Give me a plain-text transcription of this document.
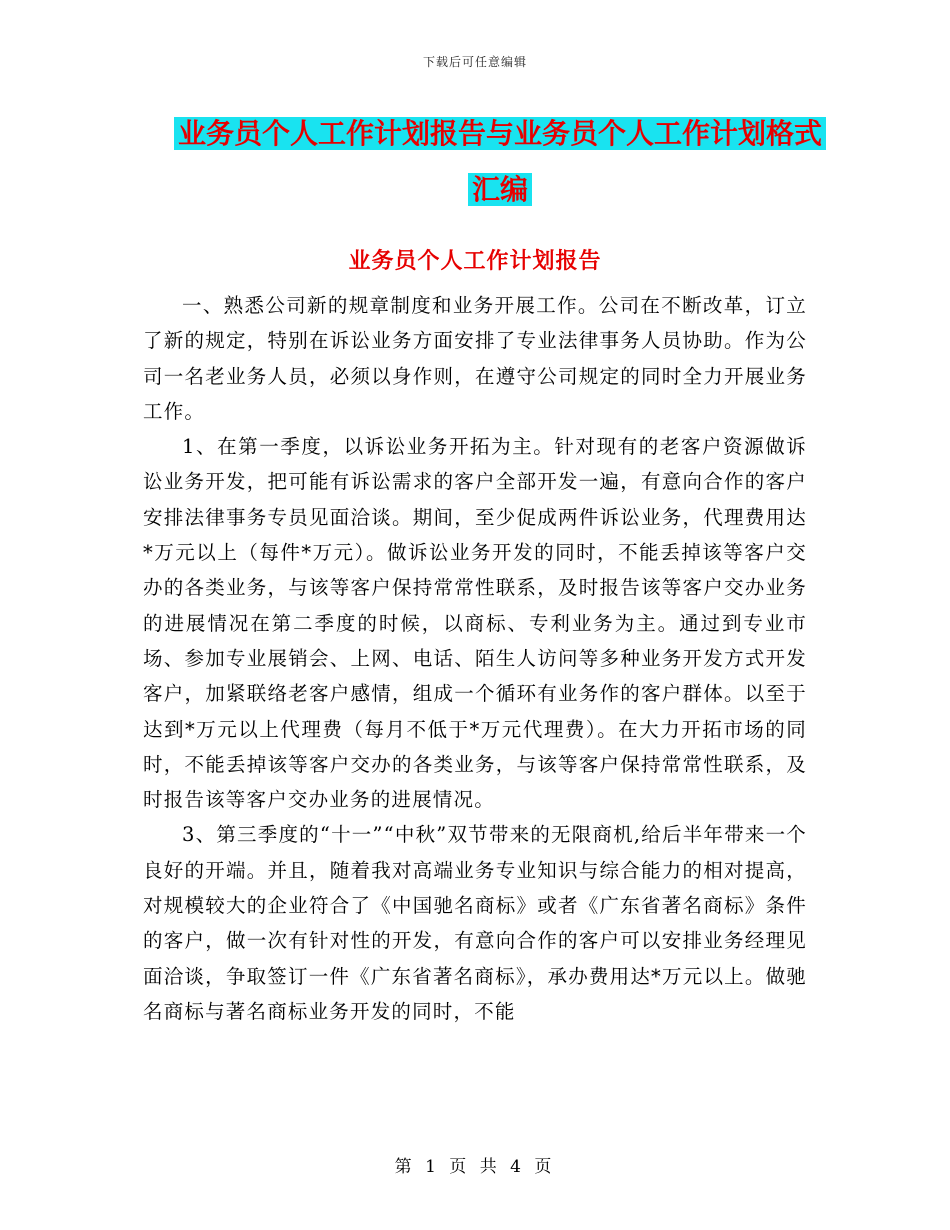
下载后可任意编辑
业务员个人工作计划报告与业务员个人工作计划格式
汇编
业务员个人工作计划报告

一、熟悉公司新的规章制度和业务开展工作。公司在不断改革，订立了新的规定，特别在诉讼业务方面安排了专业法律事务人员协助。作为公司一名老业务人员，必须以身作则，在遵守公司规定的同时全力开展业务工作。

1、在第一季度，以诉讼业务开拓为主。针对现有的老客户资源做诉讼业务开发，把可能有诉讼需求的客户全部开发一遍，有意向合作的客户安排法律事务专员见面洽谈。期间，至少促成两件诉讼业务，代理费用达*万元以上（每件*万元）。做诉讼业务开发的同时，不能丢掉该等客户交办的各类业务，与该等客户保持常常性联系，及时报告该等客户交办业务的进展情况在第二季度的时候，以商标、专利业务为主。通过到专业市场、参加专业展销会、上网、电话、陌生人访问等多种业务开发方式开发客户，加紧联络老客户感情，组成一个循环有业务作的客户群体。以至于达到*万元以上代理费（每月不低于*万元代理费）。在大力开拓市场的同时，不能丢掉该等客户交办的各类业务，与该等客户保持常常性联系，及时报告该等客户交办业务的进展情况。

3、第三季度的“十一”“中秋”双节带来的无限商机,给后半年带来一个良好的开端。并且，随着我对高端业务专业知识与综合能力的相对提高，对规模较大的企业符合了《中国驰名商标》或者《广东省著名商标》条件的客户，做一次有针对性的开发，有意向合作的客户可以安排业务经理见面洽谈，争取签订一件《广东省著名商标》，承办费用达*万元以上。做驰名商标与著名商标业务开发的同时，不能

第 1 页 共 4 页
